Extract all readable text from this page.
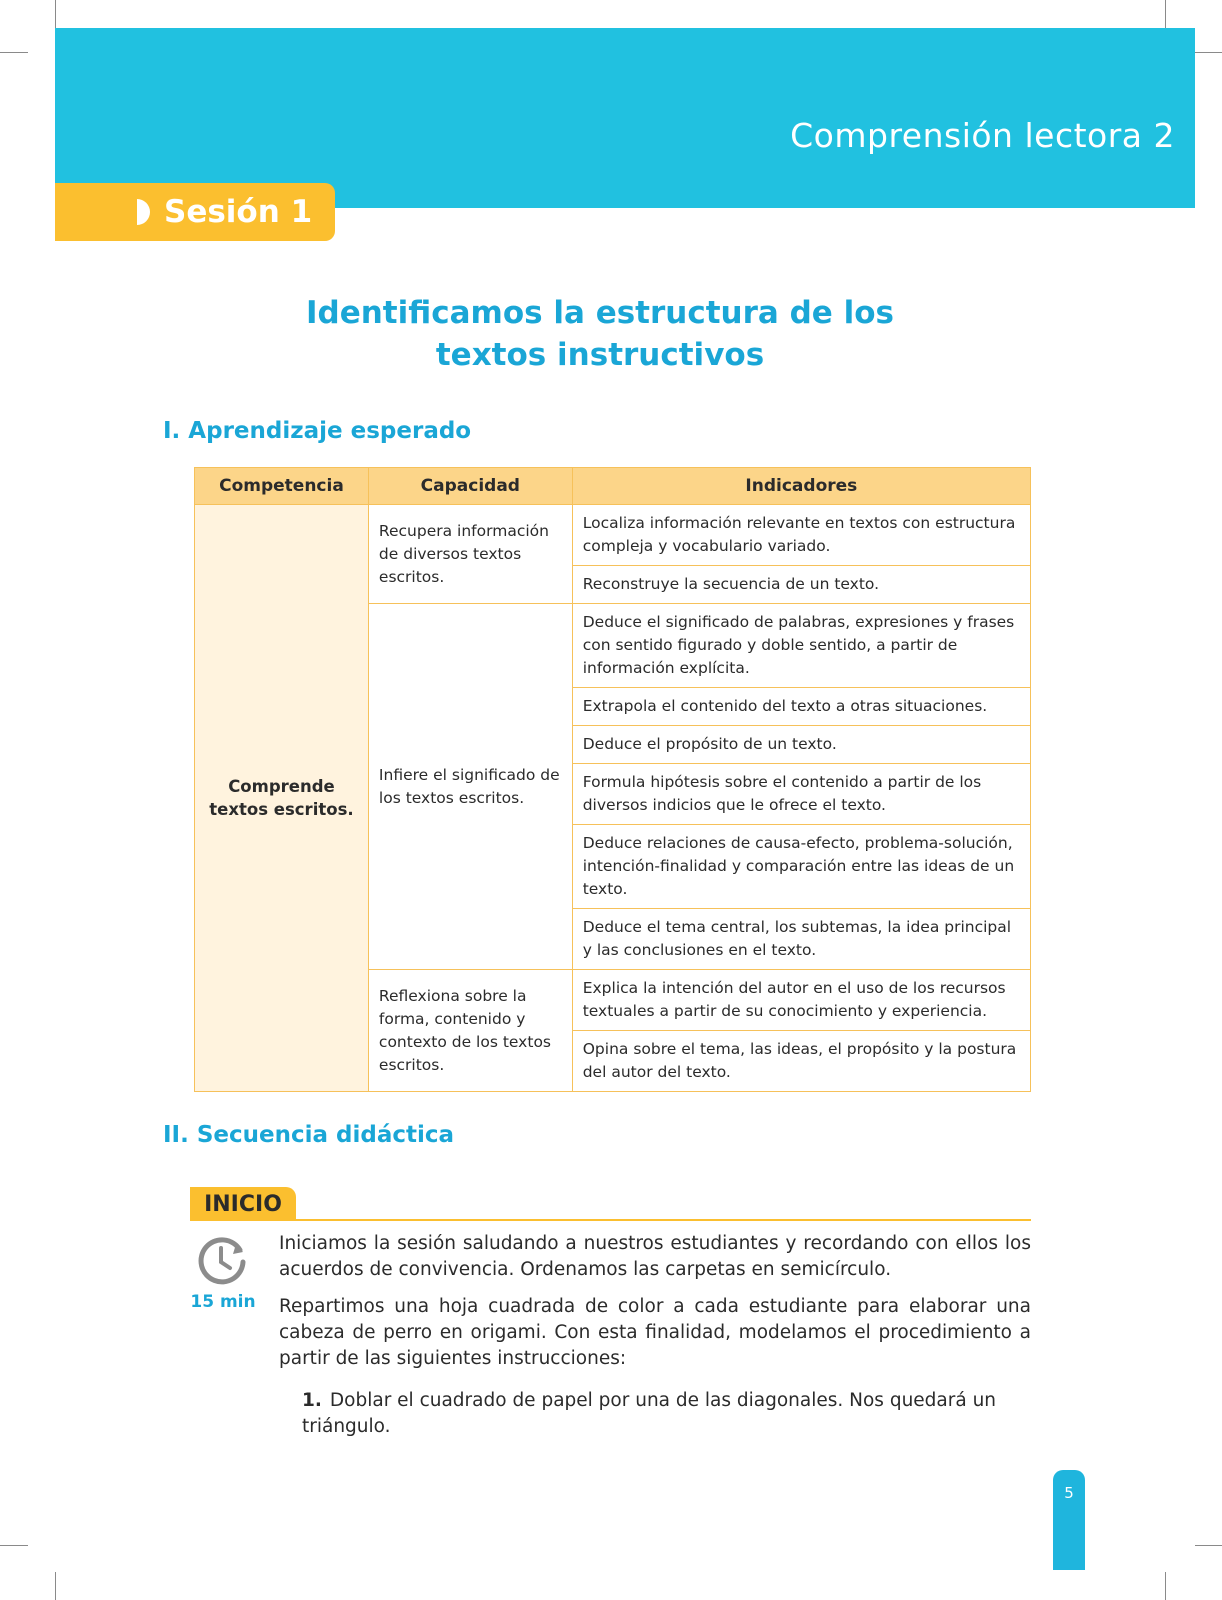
Comprensión lectora 2
Sesión 1
Identificamos la estructura de los
textos instructivos
I. Aprendizaje esperado
Competencia	Capacidad	Indicadores
Comprende textos escritos.	Recupera información de diversos textos escritos.	Localiza información relevante en textos con estructura compleja y vocabulario variado.
		Reconstruye la secuencia de un texto.
	Infiere el significado de los textos escritos.	Deduce el significado de palabras, expresiones y frases con sentido figurado y doble sentido, a partir de información explícita.
		Extrapola el contenido del texto a otras situaciones.
		Deduce el propósito de un texto.
		Formula hipótesis sobre el contenido a partir de los diversos indicios que le ofrece el texto.
		Deduce relaciones de causa-efecto, problema-solución, intención-finalidad y comparación entre las ideas de un texto.
		Deduce el tema central, los subtemas, la idea principal y las conclusiones en el texto.
	Reflexiona sobre la forma, contenido y contexto de los textos escritos.	Explica la intención del autor en el uso de los recursos textuales a partir de su conocimiento y experiencia.
		Opina sobre el tema, las ideas, el propósito y la postura del autor del texto.
II. Secuencia didáctica
INICIO
15 min

Iniciamos la sesión saludando a nuestros estudiantes y recordando con ellos los acuerdos de convivencia. Ordenamos las carpetas en semicírculo.

Repartimos una hoja cuadrada de color a cada estudiante para elaborar una cabeza de perro en origami. Con esta finalidad, modelamos el procedimiento a partir de las siguientes instrucciones:

1. Doblar el cuadrado de papel por una de las diagonales. Nos quedará un triángulo.
5
